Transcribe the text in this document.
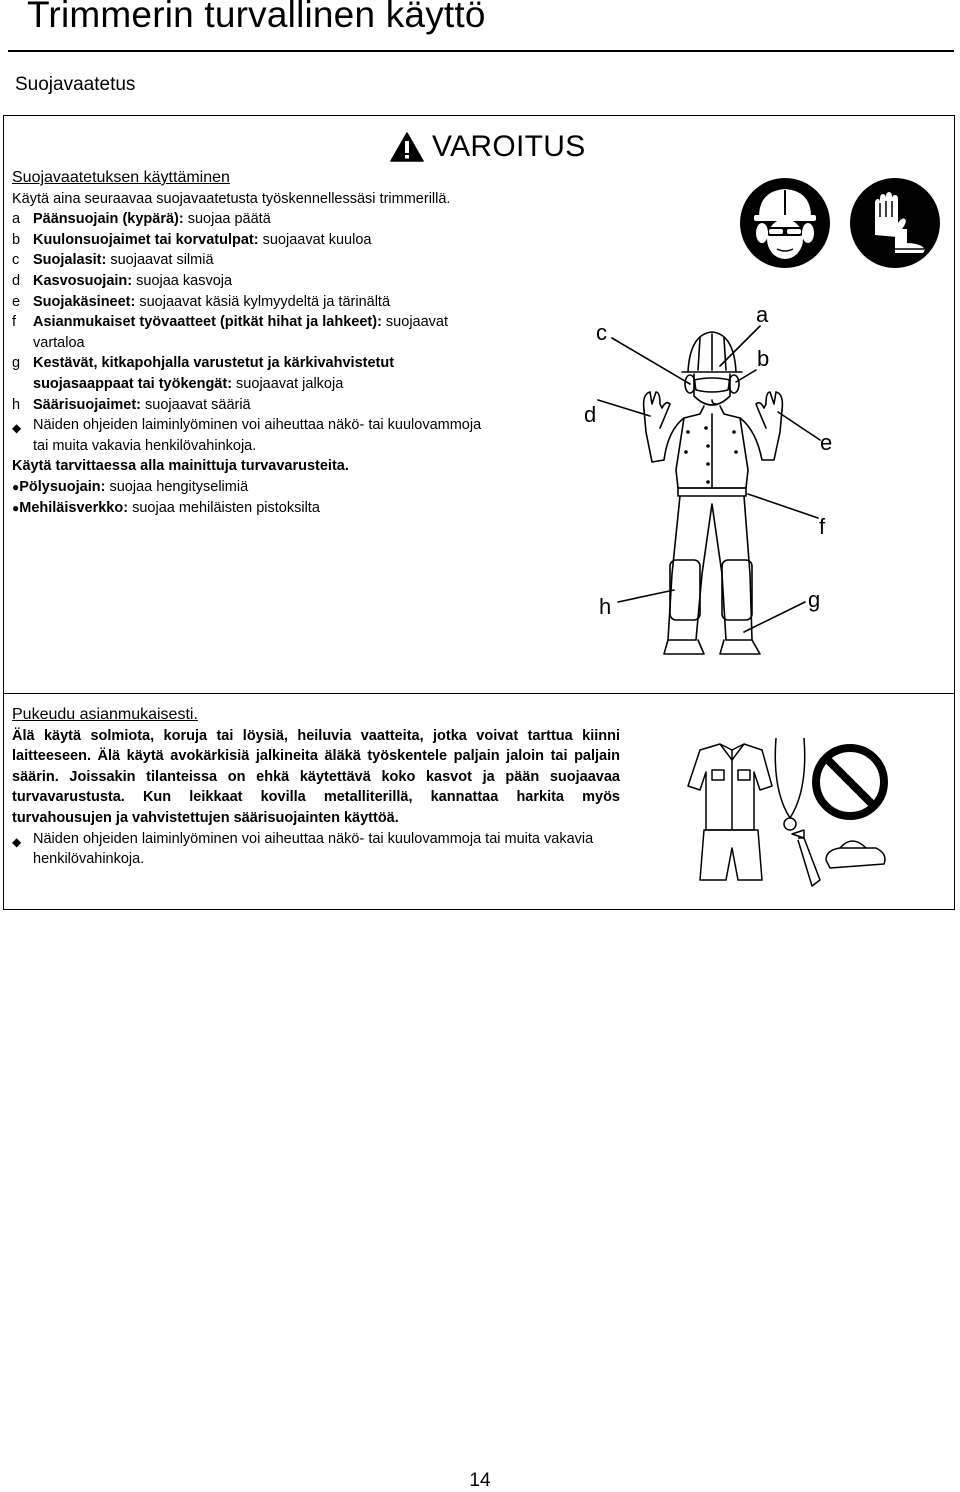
Trimmerin turvallinen käyttö
Suojavaatetus
VAROITUS
Suojavaatetuksen käyttäminen
Käytä aina seuraavaa suojavaatetusta työskennellessäsi trimmerillä.
a Päänsuojain (kypärä): suojaa päätä
b Kuulonsuojaimet tai korvatulpat: suojaavat kuuloa
c Suojalasit: suojaavat silmiä
d Kasvosuojain: suojaa kasvoja
e Suojakäsineet: suojaavat käsiä kylmyydeltä ja tärinältä
f	Asianmukaiset työvaatteet (pitkät hihat ja lahkeet): suojaavat vartaloa
g Kestävät, kitkapohjalla varustetut ja kärkivahvistetut suojasaappaat tai työkengät: suojaavat jalkoja
h Säärisuojaimet: suojaavat sääriä
◆ Näiden ohjeiden laiminlyöminen voi aiheuttaa näkö- tai kuulovammoja tai muita vakavia henkilövahinkoja.
Käytä tarvittaessa alla mainittuja turvavarusteita.
●Pölysuojain: suojaa hengityselimiä
●Mehiläisverkko: suojaa mehiläisten pistoksilta
a
b
c
d
e
f
g
h
Pukeudu asianmukaisesti.
Älä käytä solmiota, koruja tai löysiä, heiluvia vaatteita, jotka voivat tarttua kiinni laitteeseen. Älä käytä avokärkisiä jalkineita äläkä työskentele paljain jaloin tai paljain säärin. Joissakin tilanteissa on ehkä käytettävä koko kasvot ja pään suojaavaa turvavarustusta. Kun leikkaat kovilla metalliterillä, kannattaa harkita myös turvahousujen ja vahvistettujen säärisuojainten käyttöä.
◆ Näiden ohjeiden laiminlyöminen voi aiheuttaa näkö- tai kuulovammoja tai muita vakavia henkilövahinkoja.
14
